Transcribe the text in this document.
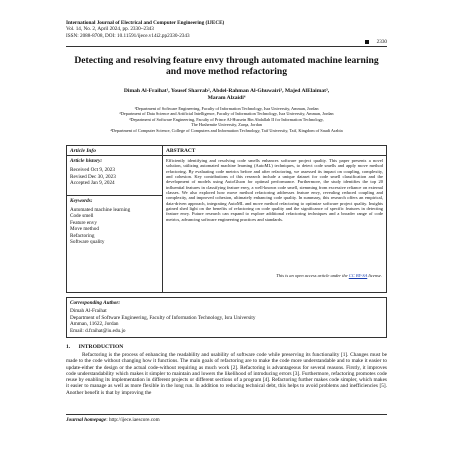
International Journal of Electrical and Computer Engineering (IJECE)
Vol. 14, No. 2, April 2024, pp. 2330~2343
ISSN: 2088-8708, DOI: 10.11591/ijece.v14i2.pp2330-2343
2330
Detecting and resolving feature envy through automated machine learning and move method refactoring
Dimah Al-Fraihat¹, Yousef Sharrab², Abdel-Rahman Al-Ghuwairi³, Majed AlElaimat³,
Maram Alzaidi⁴
¹Department of Software Engineering, Faculty of Information Technology, Isra University, Amman, Jordan
²Department of Data Science and Artificial Intelligence, Faculty of Information Technology, Isra University, Amman, Jordan
³Department of Software Engineering, Faculty of Prince Al-Hussein Bin Abdallah II for Information Technology,
The Hashemite University, Zarqa, Jordan
⁴Department of Computer Science, College of Computers and Information Technology, Taif University, Taif, Kingdom of Saudi Arabia
Article Info
Article history:
Received Oct 9, 2023
Revised Dec 30, 2023
Accepted Jan 9, 2024
Keywords:
Automated machine learning
Code smell
Feature envy
Move method
Refactoring
Software quality
ABSTRACT
Efficiently identifying and resolving code smells enhances software project quality. This paper presents a novel solution, utilizing automated machine learning (AutoML) techniques, to detect code smells and apply move method refactoring. By evaluating code metrics before and after refactoring, we assessed its impact on coupling, complexity, and cohesion. Key contributions of this research include a unique dataset for code smell classification and the development of models using AutoGluon for optimal performance. Furthermore, the study identifies the top 20 influential features in classifying feature envy, a well-known code smell, stemming from excessive reliance on external classes. We also explored how move method refactoring addresses feature envy, revealing reduced coupling and complexity, and improved cohesion, ultimately enhancing code quality. In summary, this research offers an empirical, data-driven approach, integrating AutoML and move method refactoring to optimize software project quality. Insights gained shed light on the benefits of refactoring on code quality and the significance of specific features in detecting feature envy. Future research can expand to explore additional refactoring techniques and a broader range of code metrics, advancing software engineering practices and standards.
This is an open access article under the CC BY-SA license.
Corresponding Author:
Dimah Al-Fraihat
Department of Software Engineering, Faculty of Information Technology, Isra University
Amman, 11622, Jordan
Email: d.fraihat@iu.edu.jo
1.      INTRODUCTION
Refactoring is the process of enhancing the readability and usability of software code while preserving its functionality [1]. Changes must be made to the code without changing how it functions. The main goals of refactoring are to make the code more understandable and to make it easier to update-either the design or the actual code-without requiring as much work [2]. Refactoring is advantageous for several reasons. Firstly, it improves code understandability which makes it simpler to maintain and lowers the likelihood of introducing errors [3]. Furthermore, refactoring promotes code reuse by enabling its implementation in different projects or different sections of a program [4]. Refactoring further makes code simpler, which makes it easier to manage as well as more flexible in the long run. In addition to reducing technical debt, this helps to avoid problems and inefficiencies [5]. Another benefit is that by improving the
Journal homepage: http://ijece.iaescore.com
